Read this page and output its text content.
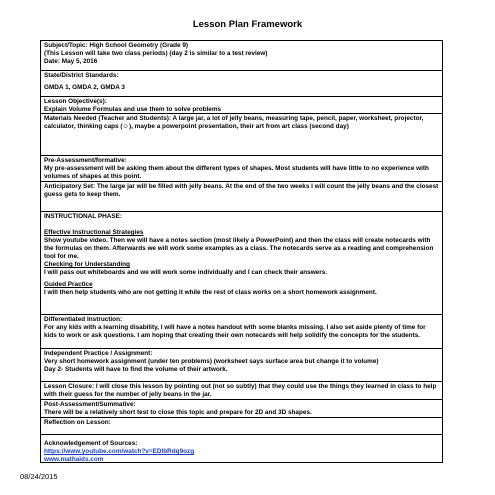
Lesson Plan Framework
Subject/Topic: High School Geometry (Grade 9)
(This Lesson will take two class periods) (day 2 is similar to a test review)
Date: May 5, 2016
State/District Standards:
GMDA 1, GMDA 2, GMDA 3
Lesson Objective(s):
Explain Volume Formulas and use them to solve problems
Materials Needed (Teacher and Students): A large jar, a lot of jelly beans, measuring tape, pencil, paper, worksheet, projector, calculator, thinking caps (☺), maybe a powerpoint presentation, their art from art class (second day)
Pre-Assessment/formative:
My pre-assessment will be asking them about the different types of shapes. Most students will have little to no experience with volumes of shapes at this point.
Anticipatory Set: The large jar will be filled with jelly beans. At the end of the two weeks I will count the jelly beans and the closest guess gets to keep them.
INSTRUCTIONAL PHASE:
Effective Instructional Strategies
Show youtube video. Then we will have a notes section (most likely a PowerPoint) and then the class will create notecards with the formulas on them. Afterwards we will work some examples as a class. The notecards serve as a reading and comprehension tool for me.
Checking for Understanding
I will pass out whiteboards and we will work some individually and I can check their answers.
Guided Practice
I will then help students who are not getting it while the rest of class works on a short homework assignment.
Differentiated Instruction:
For any kids with a learning disability, I will have a notes handout with some blanks missing. I also set aside plenty of time for kids to work or ask questions. I am hoping that creating their own notecards will help solidify the concepts for the students.
Independent Practice / Assignment:
Very short homework assignment (under ten problems) (worksheet says surface area but change it to volume)
Day 2- Students will have to find the volume of their artwork.
Lesson Closure: I will close this lesson by pointing out (not so subtly) that they could use the things they learned in class to help with their guess for the number of jelly beans in the jar.
Post-Assessment/Summative:
There will be a relatively short test to close this topic and prepare for 2D and 3D shapes.
Reflection on Lesson:
Acknowledgement of Sources:
https://www.youtube.com/watch?v=EDlbRdq9ozg
www.mathaids.com
08/24/2015
